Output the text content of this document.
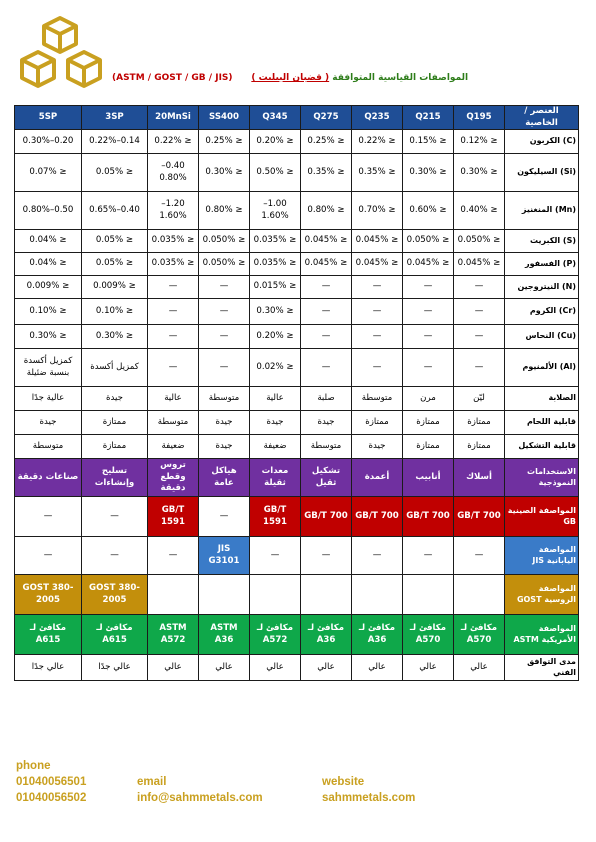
(ASTM / GOST / GB / JIS)	المواصفات القياسية المتوافقة ( قضبان البيليت )
العنصر / الخاصية	Q195	Q215	Q235	Q275	Q345	SS400	20MnSi	3SP	5SP
(C) الكربون	≤ 0.12%	≤ 0.15%	≤ 0.22%	≤ 0.25%	≤ 0.20%	≤ 0.25%	≤ 0.22%	0.14–0.22%	0.20–0.30%
(Si) السيليكون	≤ 0.30%	≤ 0.30%	≤ 0.35%	≤ 0.35%	≤ 0.50%	≤ 0.30%	0.40–0.80%	≤ 0.05%	≤ 0.07%
(Mn) المنغنيز	≤ 0.40%	≤ 0.60%	≤ 0.70%	≤ 0.80%	1.00–1.60%	≤ 0.80%	1.20–1.60%	0.40–0.65%	0.50–0.80%
(S) الكبريت	≤ 0.050%	≤ 0.050%	≤ 0.045%	≤ 0.045%	≤ 0.035%	≤ 0.050%	≤ 0.035%	≤ 0.05%	≤ 0.04%
(P) الفسفور	≤ 0.045%	≤ 0.045%	≤ 0.045%	≤ 0.045%	≤ 0.035%	≤ 0.050%	≤ 0.035%	≤ 0.05%	≤ 0.04%
(N) النيتروجين	—	—	—	—	≤ 0.015%	—	—	≤ 0.009%	≤ 0.009%
(Cr) الكروم	—	—	—	—	≤ 0.30%	—	—	≤ 0.10%	≤ 0.10%
(Cu) النحاس	—	—	—	—	≤ 0.20%	—	—	≤ 0.30%	≤ 0.30%
(Al) الألمنيوم	—	—	—	—	≤ 0.02%	—	—	كمزيل أكسدة	كمزيل أكسدة بنسبة ضئيلة
الصلابة	ليّن	مرن	متوسطة	صلبة	عالية	متوسطة	عالية	جيدة	عالية جدًا
قابلية اللحام	ممتازة	ممتازة	ممتازة	جيدة	جيدة	جيدة	متوسطة	ممتازة	جيدة
قابلية التشكيل	ممتازة	ممتازة	جيدة	متوسطة	ضعيفة	جيدة	ضعيفة	ممتازة	متوسطة
الاستخدامات النموذجية	أسلاك	أنابيب	أعمدة	تشكيل ثقيل	معدات ثقيلة	هياكل عامة	تروس وقطع دقيقة	تسليح وإنشاءات	صناعات دقيقة
المواصفة الصينية GB	GB/T 700	GB/T 700	GB/T 700	GB/T 700	GB/T 1591	—	GB/T 1591	—	—
المواصفة اليابانية JIS	—	—	—	—	—	JIS G3101	—	—	—
المواصفة الروسية GOST								GOST 380-2005	GOST 380-2005
المواصفة الأمريكية ASTM	مكافئ لـ A570	مكافئ لـ A570	مكافئ لـ A36	مكافئ لـ A36	مكافئ لـ A572	ASTM A36	ASTM A572	مكافئ لـ A615	مكافئ لـ A615
مدى التوافق الفني	عالي	عالي	عالي	عالي	عالي	عالي	عالي	عالي جدًا	عالي جدًا
phone
01040056501
01040056502
email
info@sahmmetals.com
website
sahmmetals.com
